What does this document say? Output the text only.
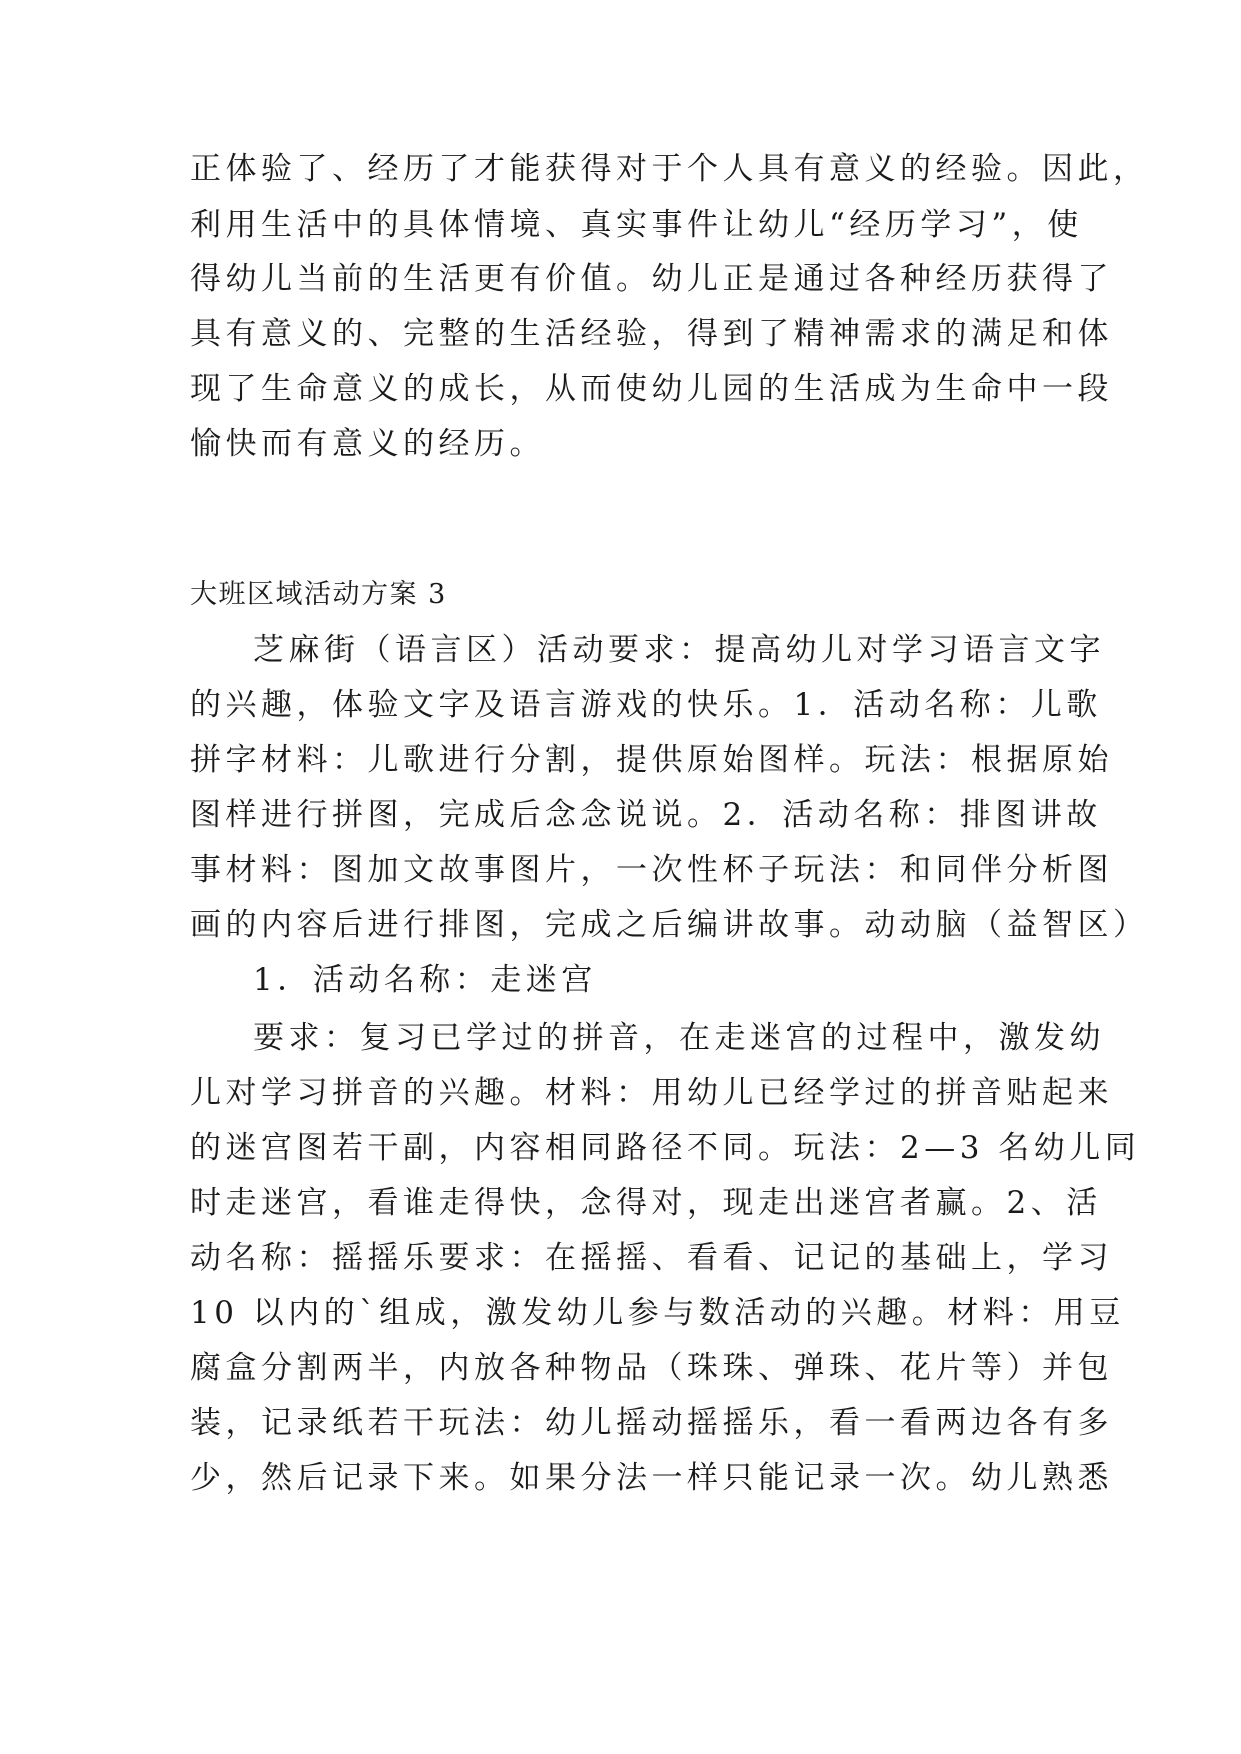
正体验了、经历了才能获得对于个人具有意义的经验。因此，
利用生活中的具体情境、真实事件让幼儿“经历学习”，使
得幼儿当前的生活更有价值。幼儿正是通过各种经历获得了
具有意义的、完整的生活经验，得到了精神需求的满足和体
现了生命意义的成长，从而使幼儿园的生活成为生命中一段
愉快而有意义的经历。
大班区域活动方案 3
芝麻街（语言区）活动要求：提高幼儿对学习语言文字
的兴趣，体验文字及语言游戏的快乐。1．活动名称：儿歌
拼字材料：儿歌进行分割，提供原始图样。玩法：根据原始
图样进行拼图，完成后念念说说。2．活动名称：排图讲故
事材料：图加文故事图片，一次性杯子玩法：和同伴分析图
画的内容后进行排图，完成之后编讲故事。动动脑（益智区）
1．活动名称：走迷宫
要求：复习已学过的拼音，在走迷宫的过程中，激发幼
儿对学习拼音的兴趣。材料：用幼儿已经学过的拼音贴起来
的迷宫图若干副，内容相同路径不同。玩法：2—3 名幼儿同
时走迷宫，看谁走得快，念得对，现走出迷宫者赢。2、活
动名称：摇摇乐要求：在摇摇、看看、记记的基础上，学习
10 以内的`组成，激发幼儿参与数活动的兴趣。材料：用豆
腐盒分割两半，内放各种物品（珠珠、弹珠、花片等）并包
装，记录纸若干玩法：幼儿摇动摇摇乐，看一看两边各有多
少，然后记录下来。如果分法一样只能记录一次。幼儿熟悉
